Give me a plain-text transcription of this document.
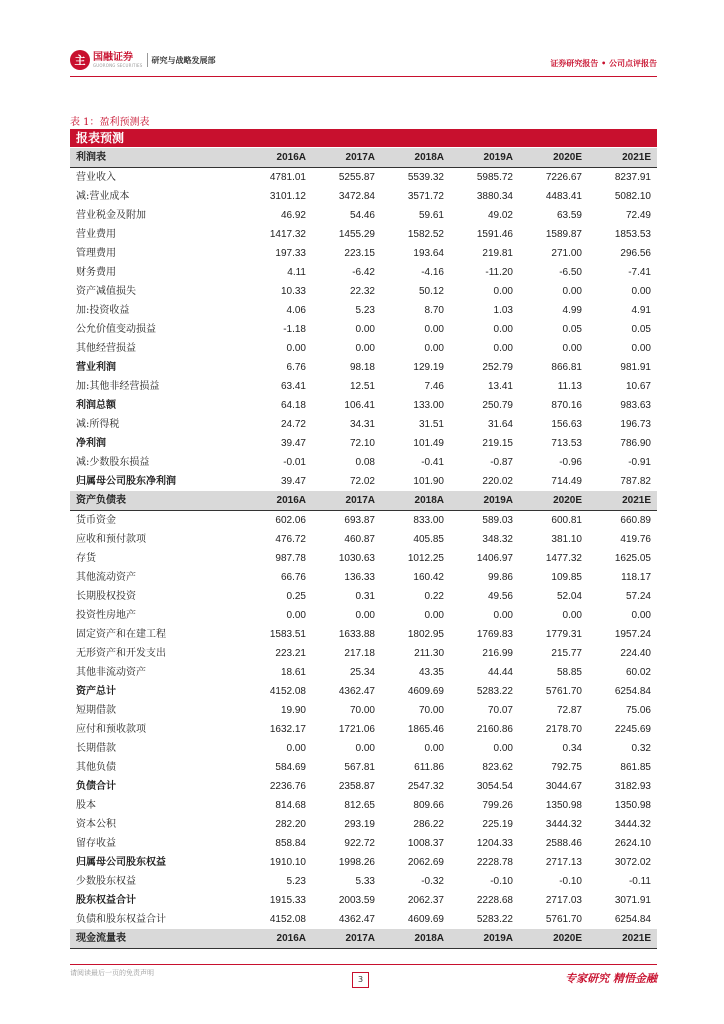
主 国融证券
GUORONG SECURITIES
研究与战略发展部	证券研究报告 • 公司点评报告
表 1：盈利预测表
报表预测
利润表	2016A	2017A	2018A	2019A	2020E	2021E
营业收入	4781.01	5255.87	5539.32	5985.72	7226.67	8237.91
减:营业成本	3101.12	3472.84	3571.72	3880.34	4483.41	5082.10
营业税金及附加	46.92	54.46	59.61	49.02	63.59	72.49
营业费用	1417.32	1455.29	1582.52	1591.46	1589.87	1853.53
管理费用	197.33	223.15	193.64	219.81	271.00	296.56
财务费用	4.11	-6.42	-4.16	-11.20	-6.50	-7.41
资产减值损失	10.33	22.32	50.12	0.00	0.00	0.00
加:投资收益	4.06	5.23	8.70	1.03	4.99	4.91
公允价值变动损益	-1.18	0.00	0.00	0.00	0.05	0.05
其他经营损益	0.00	0.00	0.00	0.00	0.00	0.00
营业利润	6.76	98.18	129.19	252.79	866.81	981.91
加:其他非经营损益	63.41	12.51	7.46	13.41	11.13	10.67
利润总额	64.18	106.41	133.00	250.79	870.16	983.63
减:所得税	24.72	34.31	31.51	31.64	156.63	196.73
净利润	39.47	72.10	101.49	219.15	713.53	786.90
减:少数股东损益	-0.01	0.08	-0.41	-0.87	-0.96	-0.91
归属母公司股东净利润	39.47	72.02	101.90	220.02	714.49	787.82
资产负债表	2016A	2017A	2018A	2019A	2020E	2021E
货币资金	602.06	693.87	833.00	589.03	600.81	660.89
应收和预付款项	476.72	460.87	405.85	348.32	381.10	419.76
存货	987.78	1030.63	1012.25	1406.97	1477.32	1625.05
其他流动资产	66.76	136.33	160.42	99.86	109.85	118.17
长期股权投资	0.25	0.31	0.22	49.56	52.04	57.24
投资性房地产	0.00	0.00	0.00	0.00	0.00	0.00
固定资产和在建工程	1583.51	1633.88	1802.95	1769.83	1779.31	1957.24
无形资产和开发支出	223.21	217.18	211.30	216.99	215.77	224.40
其他非流动资产	18.61	25.34	43.35	44.44	58.85	60.02
资产总计	4152.08	4362.47	4609.69	5283.22	5761.70	6254.84
短期借款	19.90	70.00	70.00	70.07	72.87	75.06
应付和预收款项	1632.17	1721.06	1865.46	2160.86	2178.70	2245.69
长期借款	0.00	0.00	0.00	0.00	0.34	0.32
其他负债	584.69	567.81	611.86	823.62	792.75	861.85
负债合计	2236.76	2358.87	2547.32	3054.54	3044.67	3182.93
股本	814.68	812.65	809.66	799.26	1350.98	1350.98
资本公积	282.20	293.19	286.22	225.19	3444.32	3444.32
留存收益	858.84	922.72	1008.37	1204.33	2588.46	2624.10
归属母公司股东权益	1910.10	1998.26	2062.69	2228.78	2717.13	3072.02
少数股东权益	5.23	5.33	-0.32	-0.10	-0.10	-0.11
股东权益合计	1915.33	2003.59	2062.37	2228.68	2717.03	3071.91
负债和股东权益合计	4152.08	4362.47	4609.69	5283.22	5761.70	6254.84
现金流量表	2016A	2017A	2018A	2019A	2020E	2021E
请阅读最后一页的免责声明
3	专家研究 精悟金融
